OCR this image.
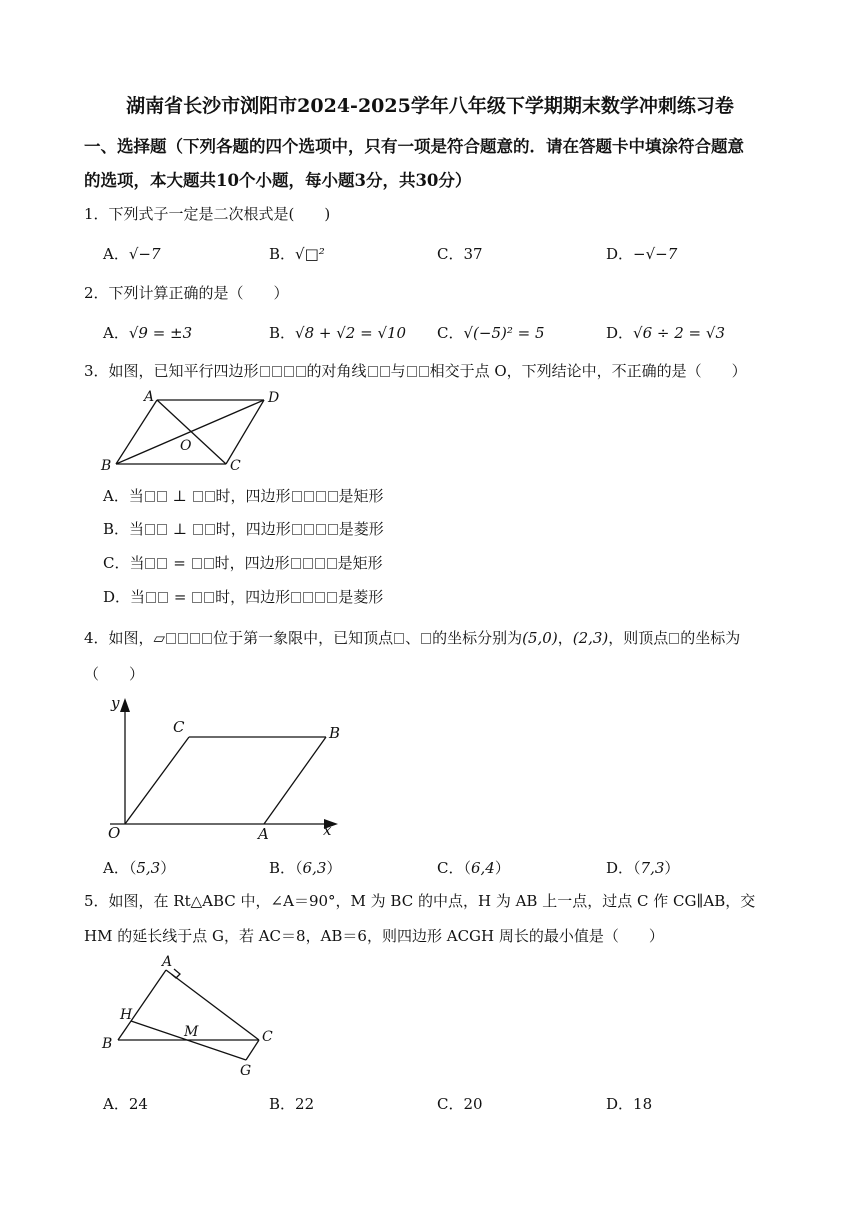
湖南省长沙市浏阳市2024-2025学年八年级下学期期末数学冲刺练习卷
一、选择题（下列各题的四个选项中，只有一项是符合题意的．请在答题卡中填涂符合题意
的选项，本大题共10个小题，每小题3分，共30分）
1．下列式子一定是二次根式是(　　)
A．√−7	B．√□²	C．37	D．−√−7
2．下列计算正确的是（　　）
A．√9 = ±3	B．√8 + √2 = √10 C．√(−5)² = 5	D．√6 ÷ 2 = √3
3．如图，已知平行四边形	的对角线 与 相交于点 O，下列结论中，不正确的是（　　）
A	D
O
B	C
A．当 ⊥ 时，四边形	是矩形
B．当 ⊥ 时，四边形	是菱形
C．当 = 时，四边形	是矩形
D．当 = 时，四边形	是菱形
4．如图，▱	位于第一象限中，已知顶点 、 的坐标分别为(5,0)，(2,3)，则顶点 的坐标为
（　　）
y
C	B
O	A	x
A．（5,3）	B．（6,3）	C．（6,4）	D．（7,3）
5．如图，在 Rt△ABC 中，∠A＝90°，M 为 BC 的中点，H 为 AB 上一点，过点 C 作 CG∥AB，交
HM 的延长线于点 G，若 AC＝8，AB＝6，则四边形 ACGH 周长的最小值是（　　）
A
H
M	C
B
G
A．24	B．22	C．20	D．18
